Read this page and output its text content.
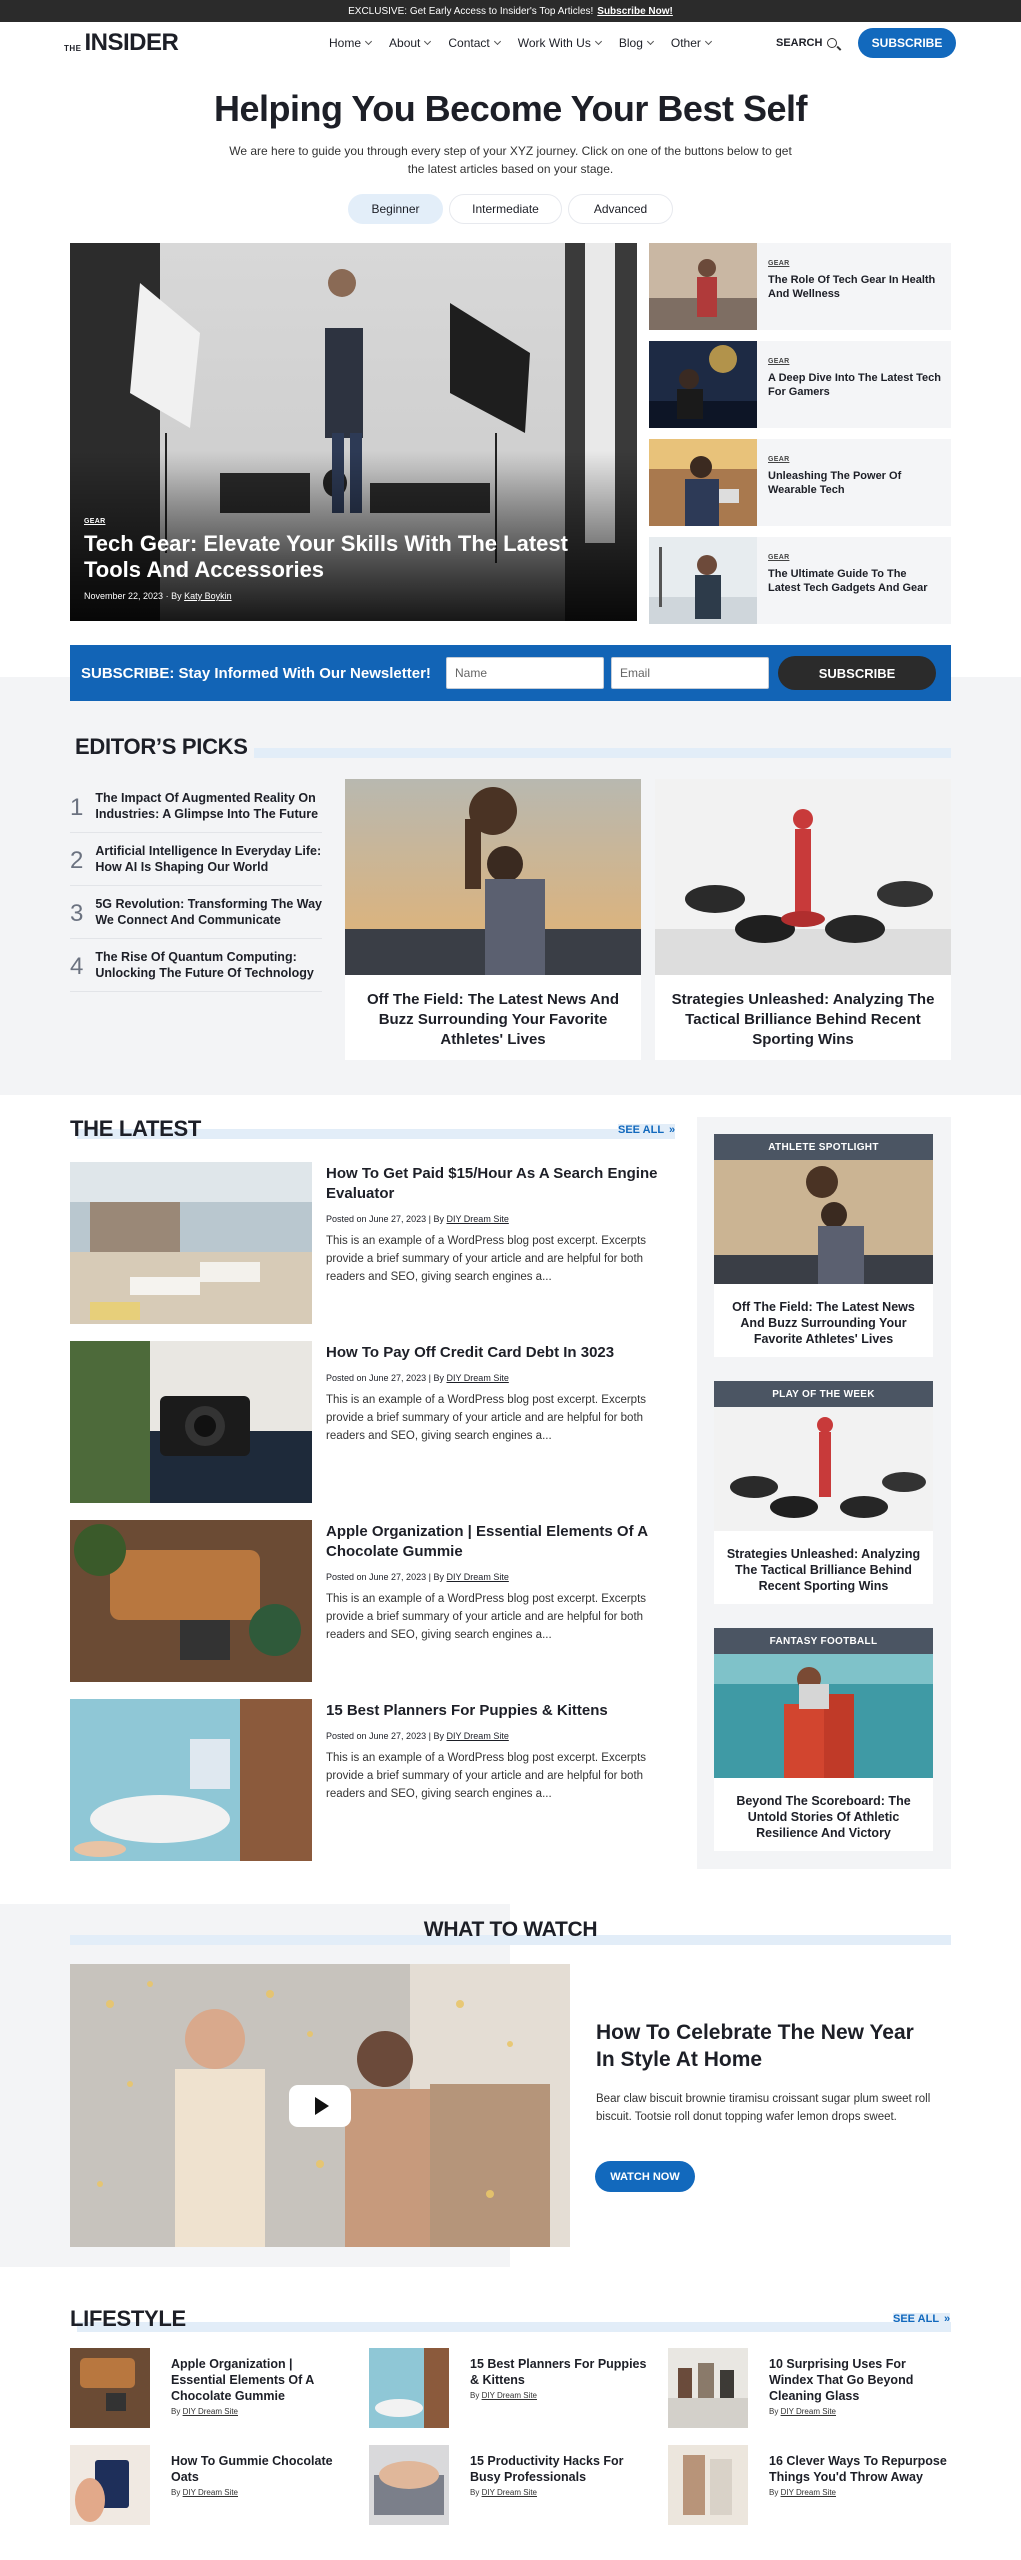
EXCLUSIVE: Get Early Access to Insider's Top Articles! Subscribe Now!
THE INSIDER	Home About Contact Work With Us Blog Other	SEARCH	SUBSCRIBE
Helping You Become Your Best Self

We are here to guide you through every step of your XYZ journey. Click on one of the buttons below to get the latest articles based on your stage.

Beginner	Intermediate	Advanced
GEAR
Tech Gear: Elevate Your Skills With The Latest Tools And Accessories
November 22, 2023 · By Katy Boykin
GEAR
The Role Of Tech Gear In Health And Wellness
GEAR
A Deep Dive Into The Latest Tech For Gamers
GEAR
Unleashing The Power Of Wearable Tech
GEAR
The Ultimate Guide To The Latest Tech Gadgets And Gear
SUBSCRIBE: Stay Informed With Our Newsletter!	Name	Email	SUBSCRIBE
EDITOR’S PICKS
1 The Impact Of Augmented Reality On Industries: A Glimpse Into The Future
2 Artificial Intelligence In Everyday Life: How AI Is Shaping Our World
3 5G Revolution: Transforming The Way We Connect And Communicate
4 The Rise Of Quantum Computing: Unlocking The Future Of Technology
Off The Field: The Latest News And Buzz Surrounding Your Favorite Athletes' Lives
Strategies Unleashed: Analyzing The Tactical Brilliance Behind Recent Sporting Wins
THE LATEST	SEE ALL »
How To Get Paid $15/Hour As A Search Engine Evaluator
Posted on June 27, 2023 | By DIY Dream Site
This is an example of a WordPress blog post excerpt. Excerpts provide a brief summary of your article and are helpful for both readers and SEO, giving search engines a...
How To Pay Off Credit Card Debt In 3023
Posted on June 27, 2023 | By DIY Dream Site
This is an example of a WordPress blog post excerpt. Excerpts provide a brief summary of your article and are helpful for both readers and SEO, giving search engines a...
Apple Organization | Essential Elements Of A Chocolate Gummie
Posted on June 27, 2023 | By DIY Dream Site
This is an example of a WordPress blog post excerpt. Excerpts provide a brief summary of your article and are helpful for both readers and SEO, giving search engines a...
15 Best Planners For Puppies & Kittens
Posted on June 27, 2023 | By DIY Dream Site
This is an example of a WordPress blog post excerpt. Excerpts provide a brief summary of your article and are helpful for both readers and SEO, giving search engines a...
ATHLETE SPOTLIGHT
Off The Field: The Latest News And Buzz Surrounding Your Favorite Athletes' Lives
PLAY OF THE WEEK
Strategies Unleashed: Analyzing The Tactical Brilliance Behind Recent Sporting Wins
FANTASY FOOTBALL
Beyond The Scoreboard: The Untold Stories Of Athletic Resilience And Victory
WHAT TO WATCH
How To Celebrate The New Year In Style At Home
Bear claw biscuit brownie tiramisu croissant sugar plum sweet roll biscuit. Tootsie roll donut topping wafer lemon drops sweet.
WATCH NOW
LIFESTYLE	SEE ALL »
Apple Organization | Essential Elements Of A Chocolate Gummie
By DIY Dream Site
15 Best Planners For Puppies & Kittens
By DIY Dream Site
10 Surprising Uses For Windex That Go Beyond Cleaning Glass
By DIY Dream Site
How To Gummie Chocolate Oats
By DIY Dream Site
15 Productivity Hacks For Busy Professionals
By DIY Dream Site
16 Clever Ways To Repurpose Things You'd Throw Away
By DIY Dream Site
